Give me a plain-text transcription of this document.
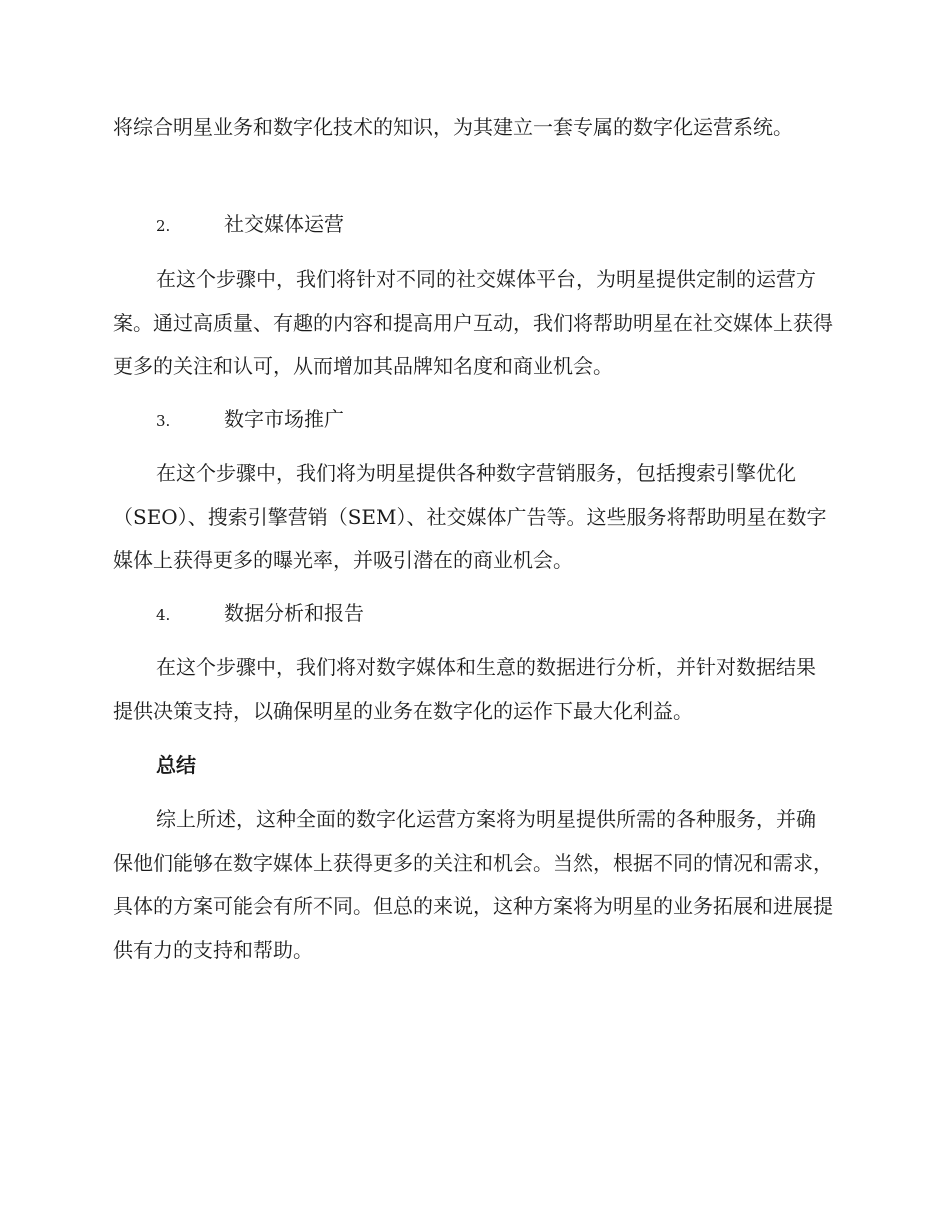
将综合明星业务和数字化技术的知识，为其建立一套专属的数字化运营系统。

2.	社交媒体运营

在这个步骤中，我们将针对不同的社交媒体平台，为明星提供定制的运营方案。通过高质量、有趣的内容和提高用户互动，我们将帮助明星在社交媒体上获得更多的关注和认可，从而增加其品牌知名度和商业机会。

3.	数字市场推广

在这个步骤中，我们将为明星提供各种数字营销服务，包括搜索引擎优化（SEO）、搜索引擎营销（SEM）、社交媒体广告等。这些服务将帮助明星在数字媒体上获得更多的曝光率，并吸引潜在的商业机会。

4.	数据分析和报告

在这个步骤中，我们将对数字媒体和生意的数据进行分析，并针对数据结果提供决策支持，以确保明星的业务在数字化的运作下最大化利益。

总结

综上所述，这种全面的数字化运营方案将为明星提供所需的各种服务，并确保他们能够在数字媒体上获得更多的关注和机会。当然，根据不同的情况和需求，具体的方案可能会有所不同。但总的来说，这种方案将为明星的业务拓展和进展提供有力的支持和帮助。
